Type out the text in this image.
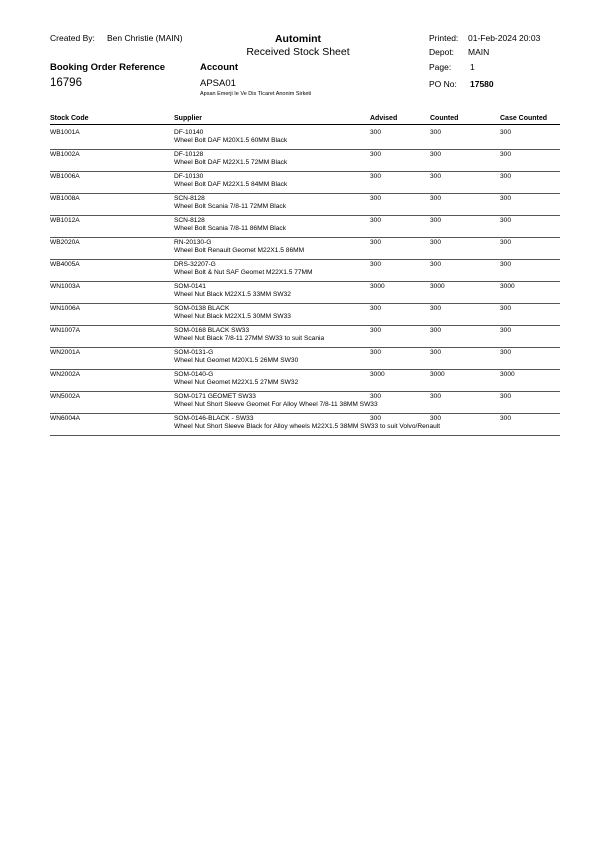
Created By: Ben Christie (MAIN)	Automint
Received Stock Sheet
Printed: 01-Feb-2024 20:03
Depot: MAIN
Page: 1
PO No: 17580
Booking Order Reference
16796
Account
APSA01
Apsan Emerji Ie Ve Dis Tlcaret Anonim Sirketi
Stock Code	Supplier	Advised	Counted	Case Counted
WB1001A	DF-10140
Wheel Bolt DAF M20X1.5 60MM Black
300	300	300
WB1002A	DF-10128
Wheel Bolt DAF M22X1.5 72MM Black
300	300	300
WB1006A	DF-10130
Wheel Bolt DAF M22X1.5 84MM Black
300	300	300
WB1008A	SCN-8128
Wheel Bolt Scania 7/8-11 72MM Black
300	300	300
WB1012A	SCN-8128
Wheel Bolt Scania 7/8-11 86MM Black
300	300	300
WB2020A	RN-20130-G
Wheel Bolt Renault Geomet M22X1.5 86MM
300	300	300
WB4005A	DRS-32207-G
Wheel Bolt & Nut SAF Geomet M22X1.5 77MM
300	300	300
WN1003A	SOM-0141
Wheel Nut Black M22X1.5 33MM SW32
3000	3000	3000
WN1006A	SOM-0138 BLACK
Wheel Nut Black M22X1.5 30MM SW33
300	300	300
WN1007A	SOM-0168 BLACK SW33
Wheel Nut Black 7/8-11 27MM SW33 to suit Scania
300	300	300
WN2001A	SOM-0131-G
Wheel Nut Geomet M20X1.5 26MM SW30
300	300	300
WN2002A	SOM-0140-G
Wheel Nut Geomet M22X1.5 27MM SW32
3000	3000	3000
WN5002A	SOM-0171 GEOMET SW33
Wheel Nut Short Sleeve Geomet For Alloy Wheel 7/8-11 38MM SW33
300	300	300
WN6004A	SOM-0146-BLACK - SW33
Wheel Nut Short Sleeve Black for Alloy wheels M22X1.5 38MM SW33 to suit Volvo/Renault
300	300	300
